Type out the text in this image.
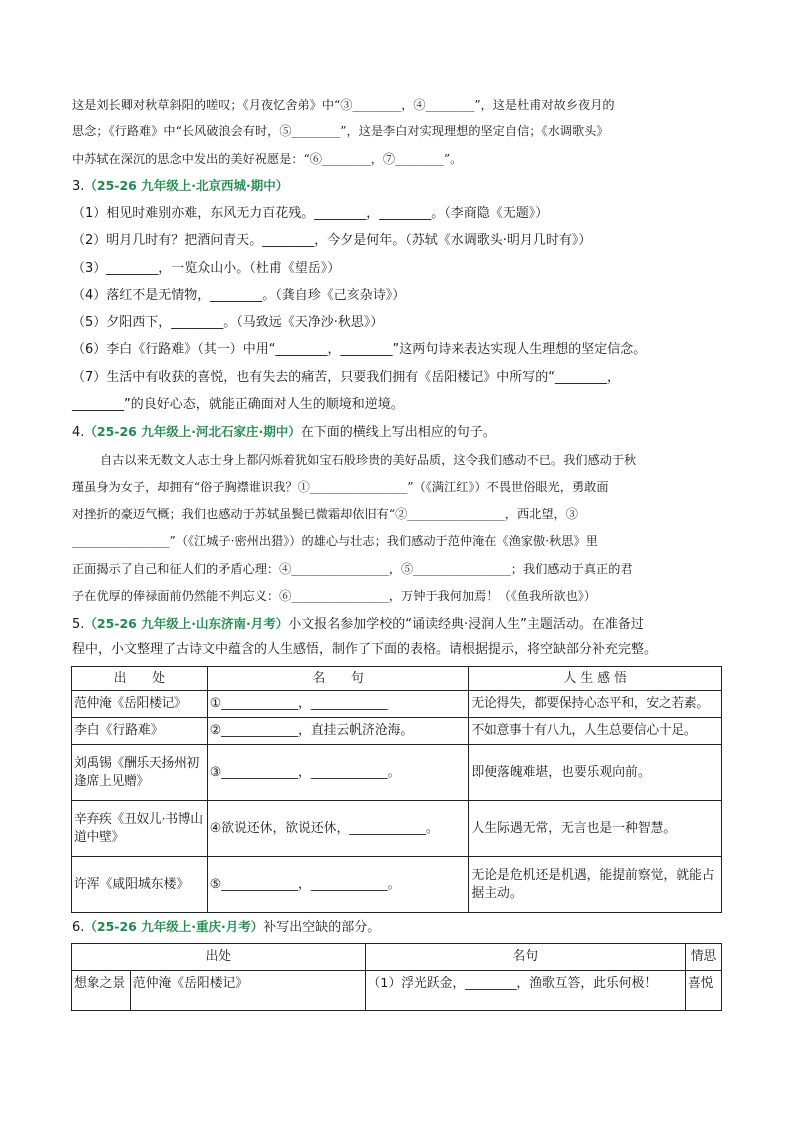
这是刘长卿对秋草斜阳的嗟叹；《月夜忆舍弟》中“③________，④________”，这是杜甫对故乡夜月的
思念；《行路难》中“长风破浪会有时，⑤________”，这是李白对实现理想的坚定自信；《水调歌头》
中苏轼在深沉的思念中发出的美好祝愿是：“⑥________，⑦________”。
3.（25-26 九年级上·北京西城·期中）
（1）相见时难别亦难，东风无力百花残。________，________。（李商隐《无题》）
（2）明月几时有？把酒问青天。________，今夕是何年。（苏轼《水调歌头·明月几时有》）
（3）________，一览众山小。（杜甫《望岳》）
（4）落红不是无情物，________。（龚自珍《己亥杂诗》）
（5）夕阳西下，________。（马致远《天净沙·秋思》）
（6）李白《行路难》（其一）中用“________，________”这两句诗来表达实现人生理想的坚定信念。
（7）生活中有收获的喜悦，也有失去的痛苦，只要我们拥有《岳阳楼记》中所写的“________，
________”的良好心态，就能正确面对人生的顺境和逆境。
4.（25-26 九年级上·河北石家庄·期中）在下面的横线上写出相应的句子。
自古以来无数文人志士身上都闪烁着犹如宝石般珍贵的美好品质，这令我们感动不已。我们感动于秋
瑾虽身为女子，却拥有“俗子胸襟谁识我？①________________”（《满江红》）不畏世俗眼光，勇敢面
对挫折的豪迈气概；我们也感动于苏轼虽鬓已微霜却依旧有“②________________，西北望，③
________________”（《江城子·密州出猎》）的雄心与壮志；我们感动于范仲淹在《渔家傲·秋思》里
正面揭示了自己和征人们的矛盾心理：④________________，⑤________________；我们感动于真正的君
子在优厚的俸禄面前仍然能不判忘义：⑥________________，万钟于我何加焉！（《鱼我所欲也》）
5.（25-26 九年级上·山东济南·月考）小文报名参加学校的“诵读经典·浸润人生”主题活动。在准备过
程中，小文整理了古诗文中蕴含的人生感悟，制作了下面的表格。请根据提示，将空缺部分补充完整。
出　　处	名　　句	人 生 感 悟
范仲淹《岳阳楼记》	①____________，____________	无论得失，都要保持心态平和，安之若素。
李白《行路难》	②____________，直挂云帆济沧海。	不如意事十有八九，人生总要信心十足。
刘禹锡《酬乐天扬州初逢席上见赠》	③____________，____________。	即便落魄难堪，也要乐观向前。
辛弃疾《丑奴儿·书博山道中壁》	④欲说还休，欲说还休，____________。	人生际遇无常，无言也是一种智慧。
许浑《咸阳城东楼》	⑤____________，____________。	无论是危机还是机遇，能提前察觉，就能占据主动。
6.（25-26 九年级上·重庆·月考）补写出空缺的部分。
出处		名句	情思
想象之景	范仲淹《岳阳楼记》	（1）浮光跃金，________，渔歌互答，此乐何极！	喜悦
